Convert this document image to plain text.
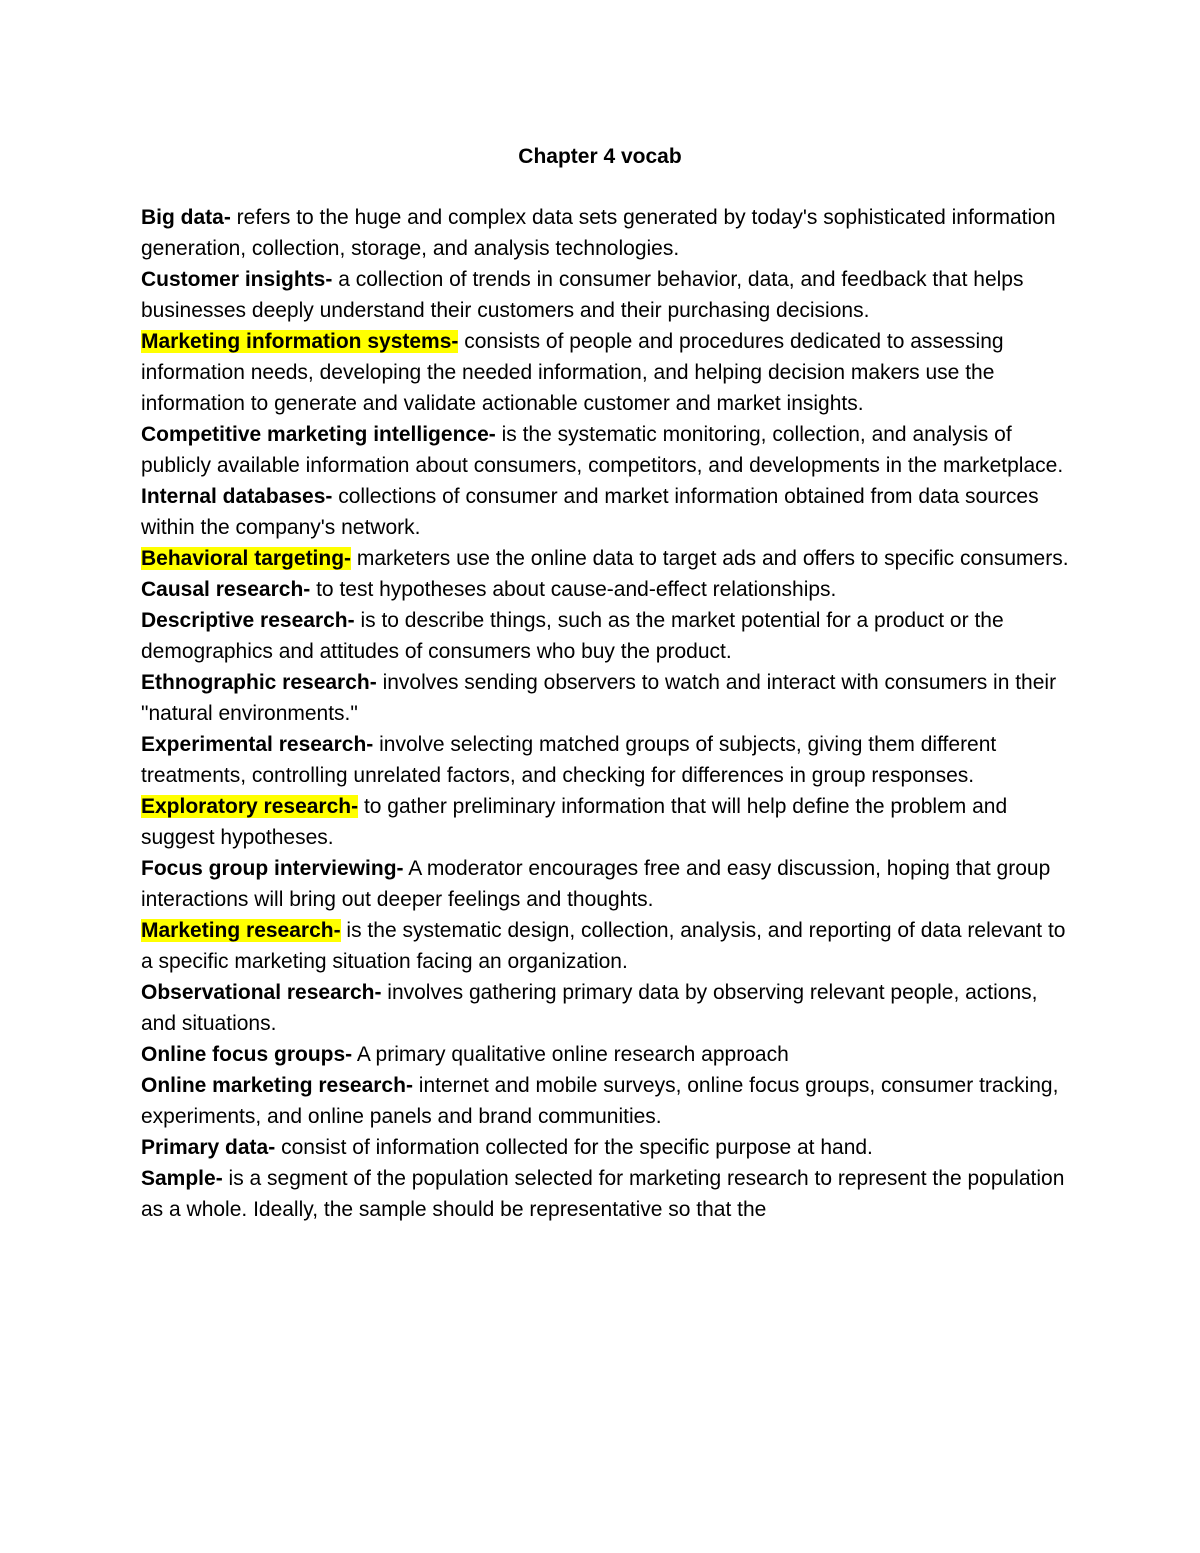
Chapter 4 vocab

Big data- refers to the huge and complex data sets generated by today's sophisticated information generation, collection, storage, and analysis technologies.

Customer insights- a collection of trends in consumer behavior, data, and feedback that helps businesses deeply understand their customers and their purchasing decisions.

Marketing information systems- consists of people and procedures dedicated to assessing information needs, developing the needed information, and helping decision makers use the information to generate and validate actionable customer and market insights.

Competitive marketing intelligence- is the systematic monitoring, collection, and analysis of publicly available information about consumers, competitors, and developments in the marketplace.

Internal databases- collections of consumer and market information obtained from data sources within the company's network.

Behavioral targeting- marketers use the online data to target ads and offers to specific consumers.

Causal research- to test hypotheses about cause-and-effect relationships.

Descriptive research- is to describe things, such as the market potential for a product or the demographics and attitudes of consumers who buy the product.

Ethnographic research- involves sending observers to watch and interact with consumers in their "natural environments."

Experimental research- involve selecting matched groups of subjects, giving them different treatments, controlling unrelated factors, and checking for differences in group responses.

Exploratory research- to gather preliminary information that will help define the problem and suggest hypotheses.

Focus group interviewing- A moderator encourages free and easy discussion, hoping that group interactions will bring out deeper feelings and thoughts.

Marketing research- is the systematic design, collection, analysis, and reporting of data relevant to a specific marketing situation facing an organization.

Observational research- involves gathering primary data by observing relevant people, actions, and situations.

Online focus groups- A primary qualitative online research approach

Online marketing research- internet and mobile surveys, online focus groups, consumer tracking, experiments, and online panels and brand communities.

Primary data- consist of information collected for the specific purpose at hand.

Sample- is a segment of the population selected for marketing research to represent the population as a whole. Ideally, the sample should be representative so that the
